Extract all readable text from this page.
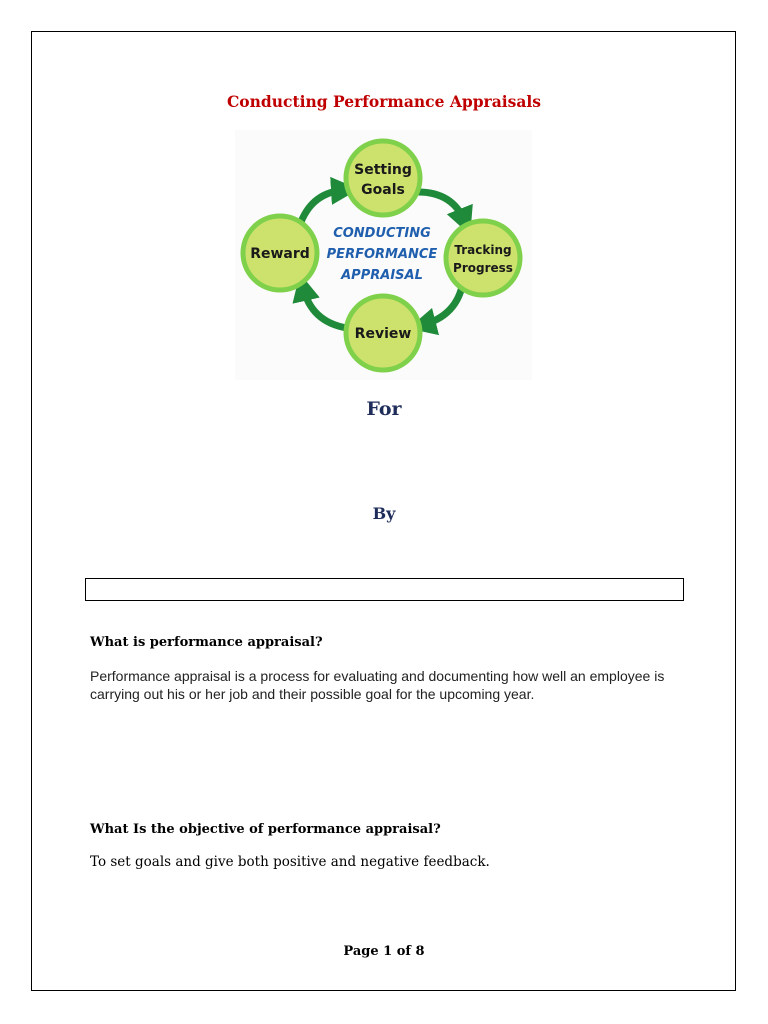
Conducting Performance Appraisals
Setting
Goals
Tracking
Progress
Review
Reward
CONDUCTING
PERFORMANCE
APPRAISAL
For
By
What is performance appraisal?
Performance appraisal is a process for evaluating and documenting how well an employee is carrying out his or her job and their possible goal for the upcoming year.
What Is the objective of performance appraisal?
To set goals and give both positive and negative feedback.
Page 1 of 8
